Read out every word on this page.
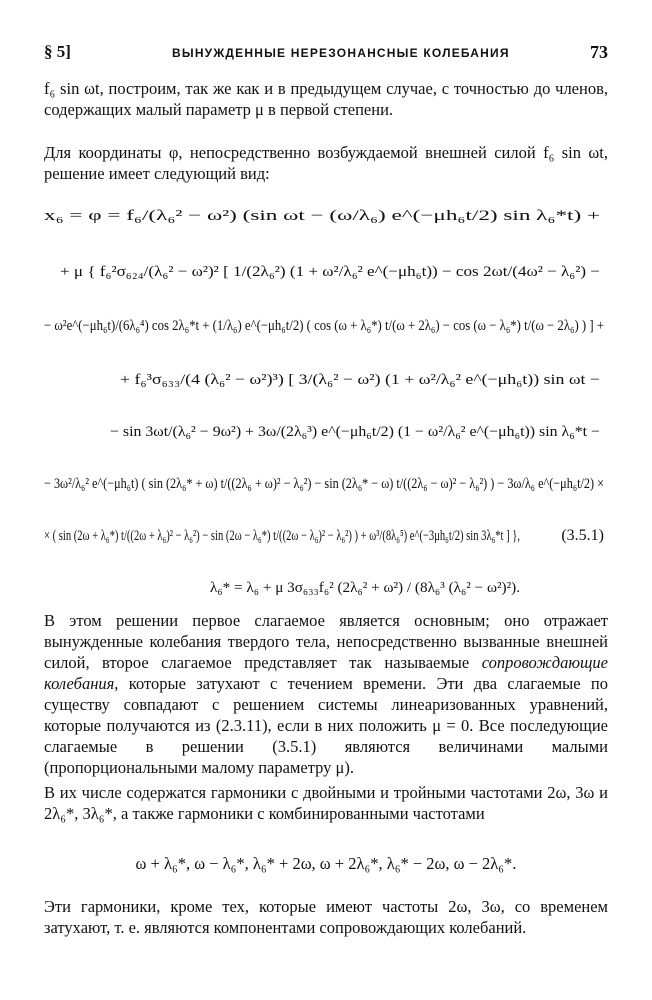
§ 5]	ВЫНУЖДЕННЫЕ НЕРЕЗОНАНСНЫЕ КОЛЕБАНИЯ	73

f₆ sin ωt, построим, так же как и в предыдущем случае, с точностью до членов, содержащих малый параметр μ в первой степени.

Для координаты φ, непосредственно возбуждаемой внешней силой f₆ sin ωt, решение имеет следующий вид:

x₆ = φ = f₆/(λ₆² − ω²) (sin ωt − (ω/λ₆) e^(−μh₆t/2) sin λ₆*t) +
+ μ { f₆²σ₆₂₄/(λ₆² − ω²)² [ 1/(2λ₆²) (1 + ω²/λ₆² e^(−μh₆t)) − cos 2ωt/(4ω² − λ₆²) −
− ω²e^(−μh₆t)/(6λ₆⁴) cos 2λ₆*t + (1/λ₆) e^(−μh₆t/2) ( cos (ω + λ₆*) t/(ω + 2λ₆) − cos (ω − λ₆*) t/(ω − 2λ₆) ) ] +
+ f₆³σ₆₃₃/(4 (λ₆² − ω²)³) [ 3/(λ₆² − ω²) (1 + ω²/λ₆² e^(−μh₆t)) sin ωt −
− sin 3ωt/(λ₆² − 9ω²) + 3ω/(2λ₆³) e^(−μh₆t/2) (1 − ω²/λ₆² e^(−μh₆t)) sin λ₆*t −
− 3ω²/λ₆² e^(−μh₆t) ( sin (2λ₆* + ω) t/((2λ₆ + ω)² − λ₆²) − sin (2λ₆* − ω) t/((2λ₆ − ω)² − λ₆²) ) − 3ω/λ₆ e^(−μh₆t/2) ×
× ( sin (2ω + λ₆*) t/((2ω + λ₆)² − λ₆²) − sin (2ω − λ₆*) t/((2ω − λ₆)² − λ₆²) ) + ω³/(8λ₆⁵) e^(−3μh₆t/2) sin 3λ₆*t ] },	(3.5.1)
λ₆* = λ₆ + μ 3σ₆₃₃f₆² (2λ₆² + ω²) / (8λ₆³ (λ₆² − ω²)²).

В этом решении первое слагаемое является основным; оно отражает вынужденные колебания твердого тела, непосредственно вызванные внешней силой, второе слагаемое представляет так называемые сопровождающие колебания, которые затухают с течением времени. Эти два слагаемые по существу совпадают с решением системы линеаризованных уравнений, которые получаются из (2.3.11), если в них положить μ = 0. Все последующие слагаемые в решении (3.5.1) являются величинами малыми (пропорциональными малому параметру μ).

В их числе содержатся гармоники с двойными и тройными частотами 2ω, 3ω и 2λ₆*, 3λ₆*, а также гармоники с комбинированными частотами

ω + λ₆*, ω − λ₆*, λ₆* + 2ω, ω + 2λ₆*, λ₆* − 2ω, ω − 2λ₆*.

Эти гармоники, кроме тех, которые имеют частоты 2ω, 3ω, со временем затухают, т. е. являются компонентами сопровождающих колебаний.
